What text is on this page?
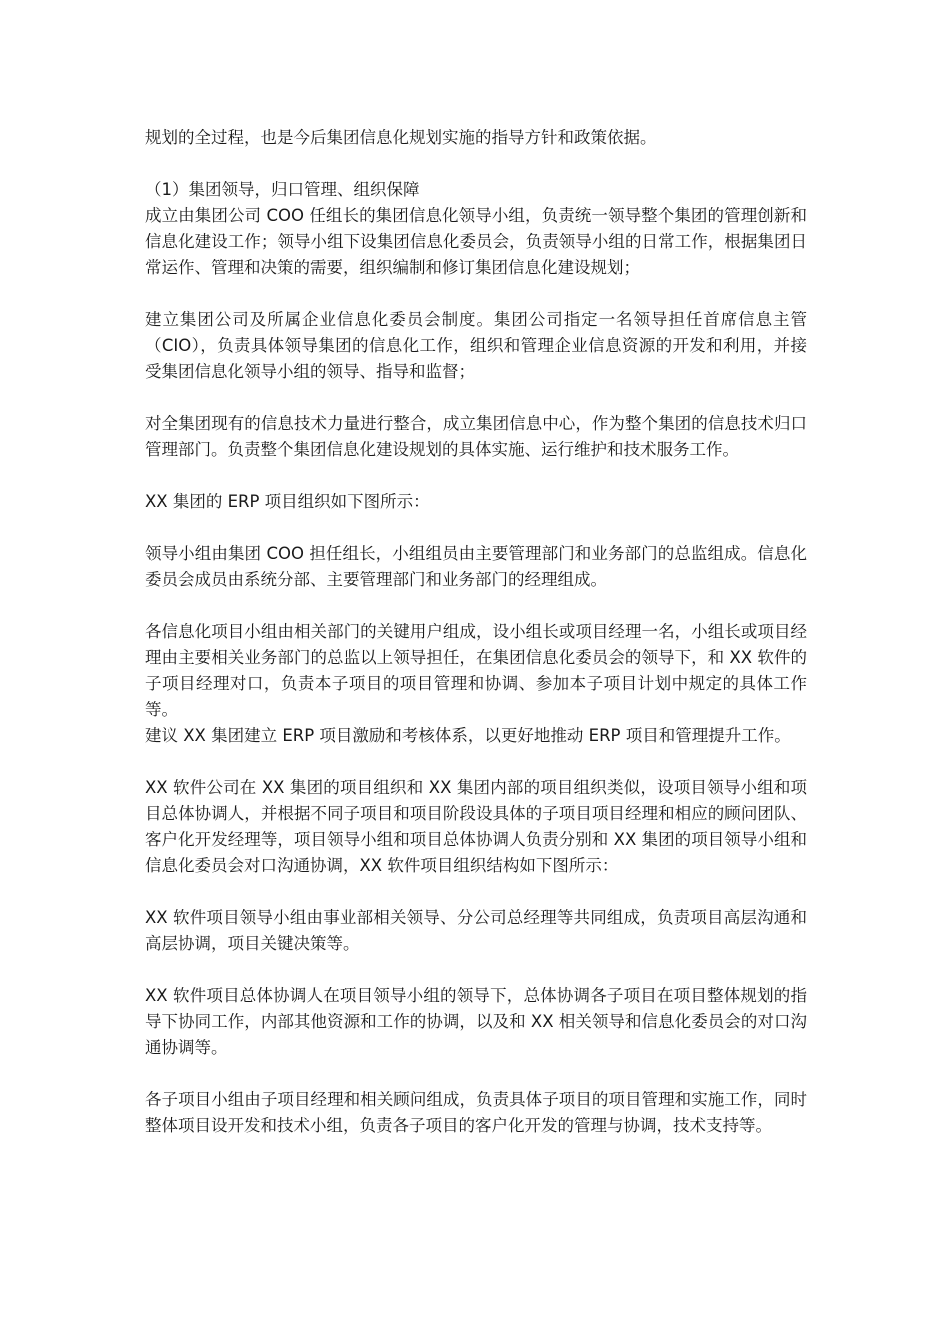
规划的全过程，也是今后集团信息化规划实施的指导方针和政策依据。

（1）集团领导，归口管理、组织保障

成立由集团公司 COO 任组长的集团信息化领导小组，负责统一领导整个集团的管理创新和信息化建设工作；领导小组下设集团信息化委员会，负责领导小组的日常工作，根据集团日常运作、管理和决策的需要，组织编制和修订集团信息化建设规划；

建立集团公司及所属企业信息化委员会制度。集团公司指定一名领导担任首席信息主管（CIO），负责具体领导集团的信息化工作，组织和管理企业信息资源的开发和利用，并接受集团信息化领导小组的领导、指导和监督；

对全集团现有的信息技术力量进行整合，成立集团信息中心，作为整个集团的信息技术归口管理部门。负责整个集团信息化建设规划的具体实施、运行维护和技术服务工作。

XX 集团的 ERP 项目组织如下图所示：

领导小组由集团 COO 担任组长，小组组员由主要管理部门和业务部门的总监组成。信息化委员会成员由系统分部、主要管理部门和业务部门的经理组成。

各信息化项目小组由相关部门的关键用户组成，设小组长或项目经理一名，小组长或项目经理由主要相关业务部门的总监以上领导担任，在集团信息化委员会的领导下，和 XX 软件的子项目经理对口，负责本子项目的项目管理和协调、参加本子项目计划中规定的具体工作等。

建议 XX 集团建立 ERP 项目激励和考核体系，以更好地推动 ERP 项目和管理提升工作。

XX 软件公司在 XX 集团的项目组织和 XX 集团内部的项目组织类似，设项目领导小组和项目总体协调人，并根据不同子项目和项目阶段设具体的子项目项目经理和相应的顾问团队、客户化开发经理等，项目领导小组和项目总体协调人负责分别和 XX 集团的项目领导小组和信息化委员会对口沟通协调，XX 软件项目组织结构如下图所示：

XX 软件项目领导小组由事业部相关领导、分公司总经理等共同组成，负责项目高层沟通和高层协调，项目关键决策等。

XX 软件项目总体协调人在项目领导小组的领导下，总体协调各子项目在项目整体规划的指导下协同工作，内部其他资源和工作的协调，以及和 XX 相关领导和信息化委员会的对口沟通协调等。

各子项目小组由子项目经理和相关顾问组成，负责具体子项目的项目管理和实施工作，同时整体项目设开发和技术小组，负责各子项目的客户化开发的管理与协调，技术支持等。
